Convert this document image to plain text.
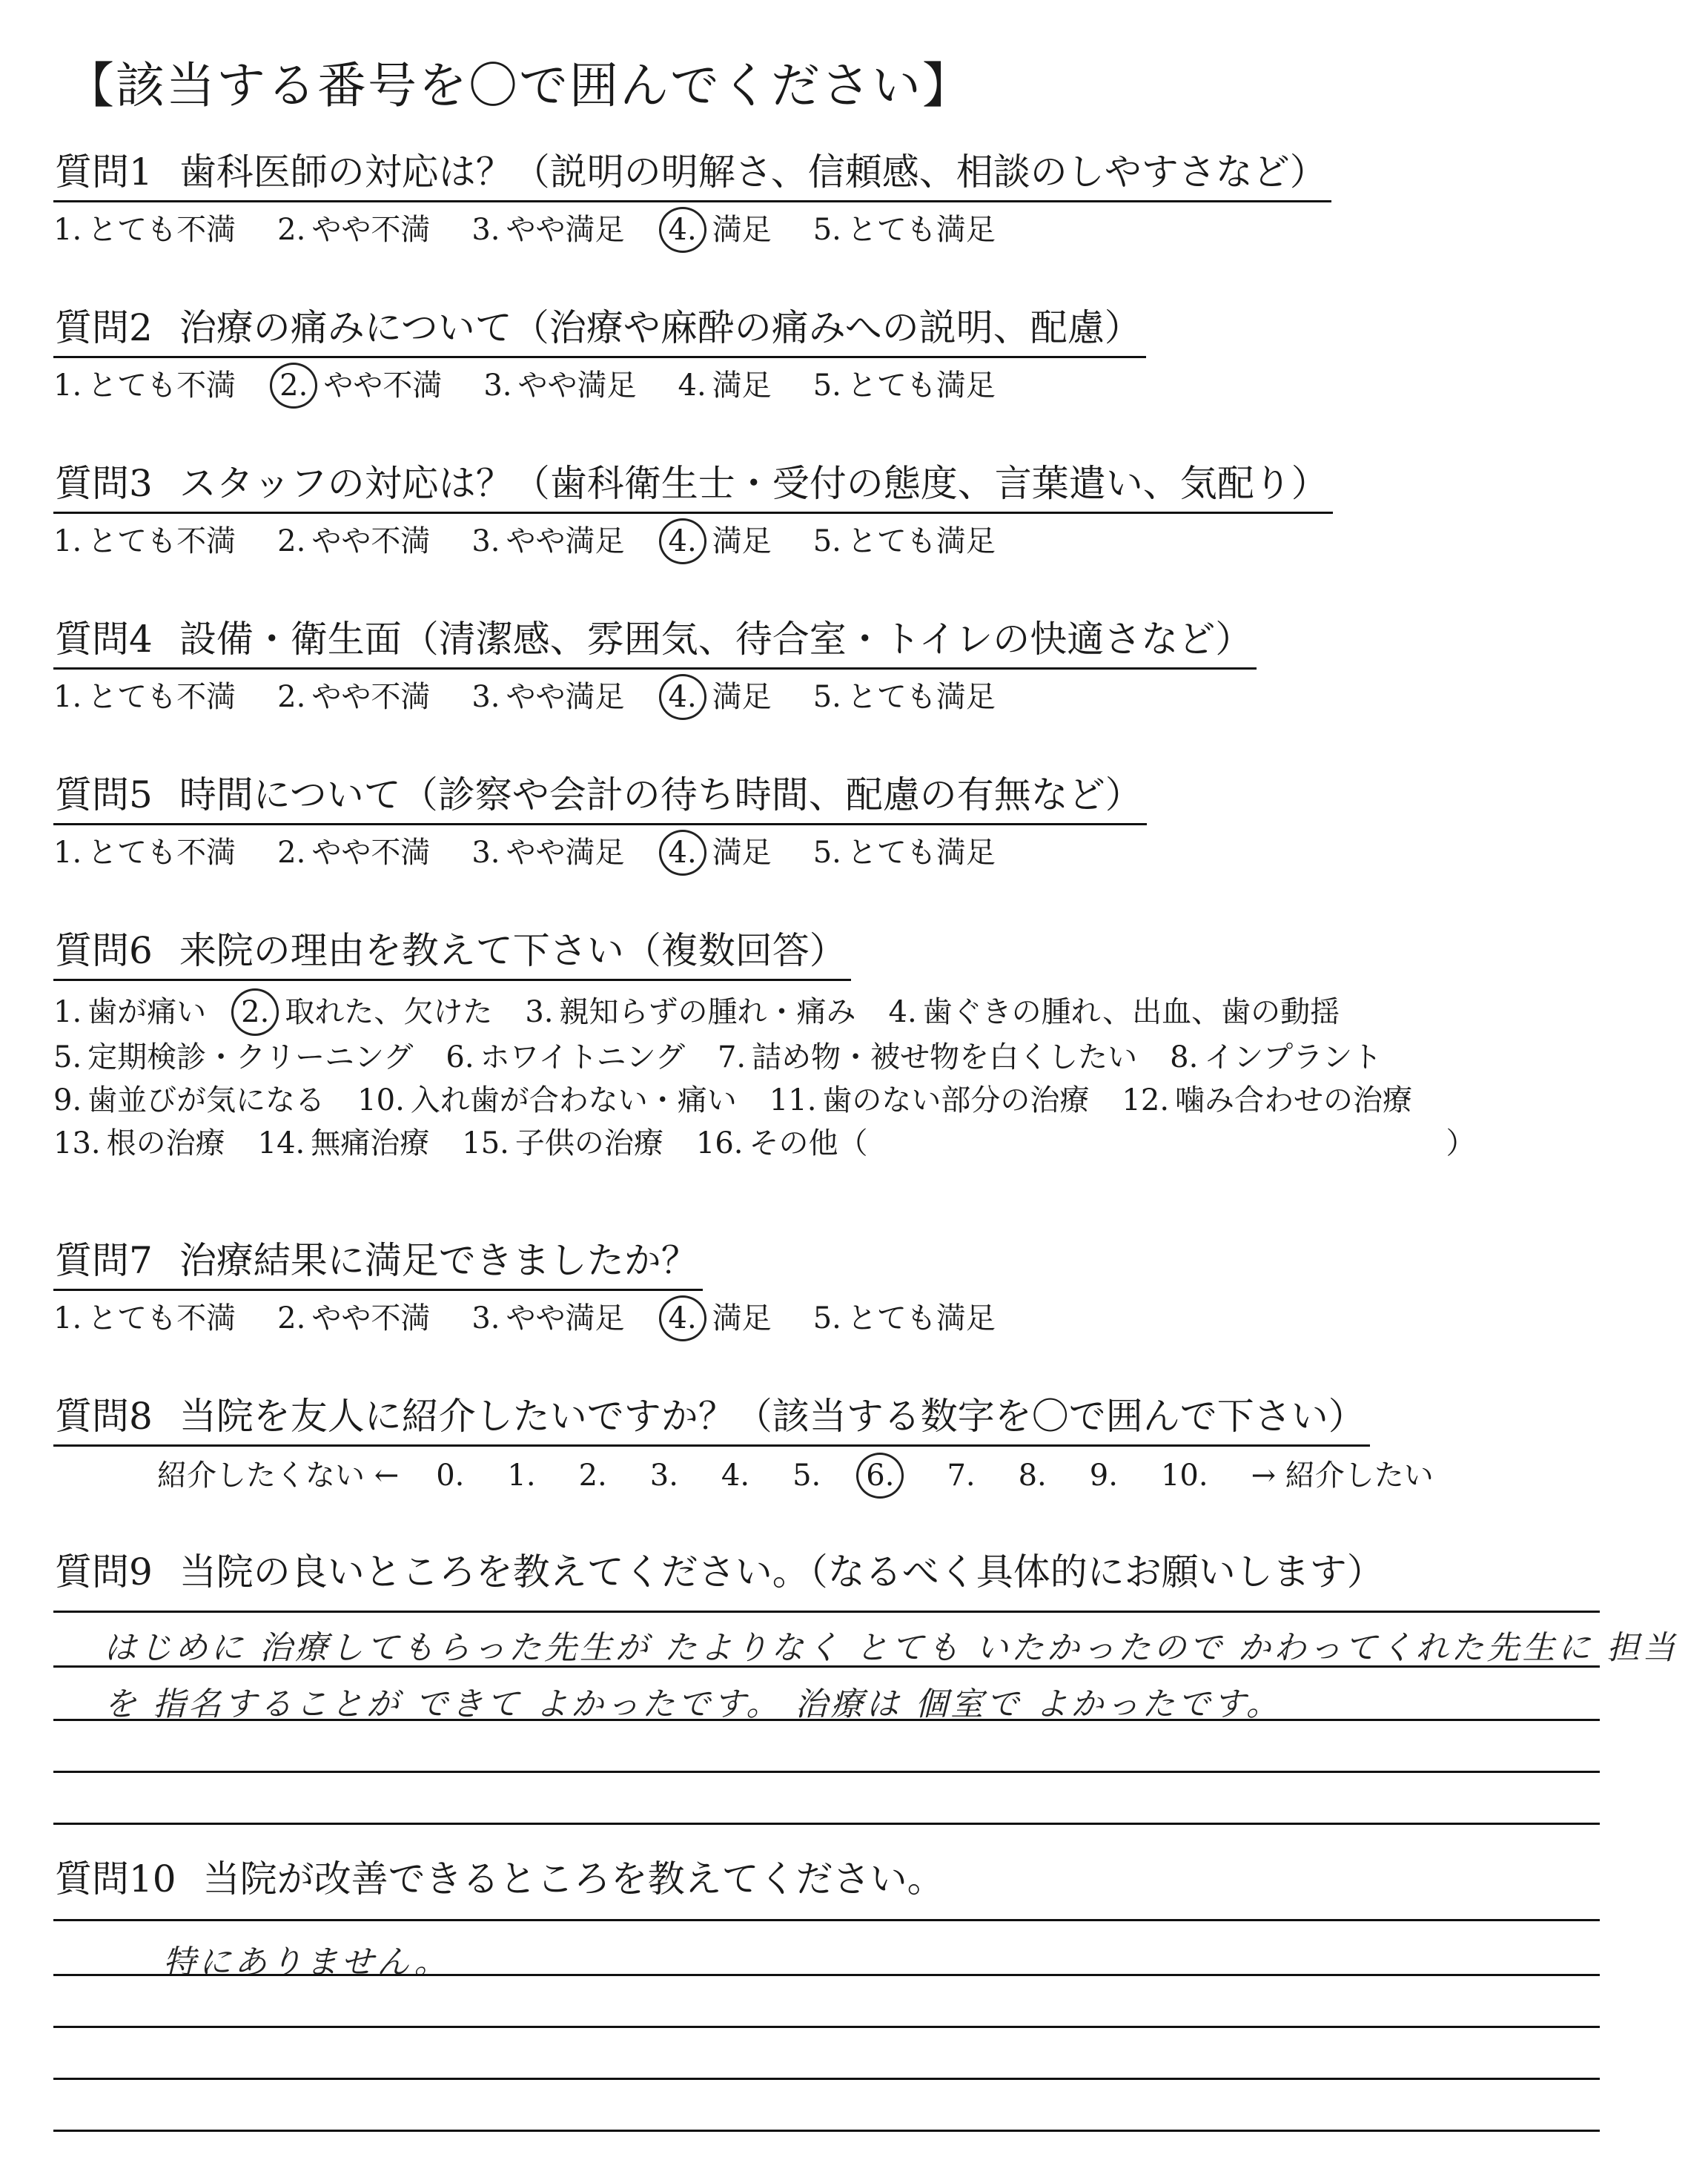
【該当する番号を〇で囲んでください】
質問1 歯科医師の対応は？（説明の明解さ、信頼感、相談のしやすさなど）
1. とても不満 2. やや不満 3. やや満足 4. 満足 5. とても満足
質問2 治療の痛みについて（治療や麻酔の痛みへの説明、配慮）
1. とても不満 2. やや不満 3. やや満足 4. 満足 5. とても満足
質問3 スタッフの対応は？（歯科衛生士・受付の態度、言葉遣い、気配り）
1. とても不満 2. やや不満 3. やや満足 4. 満足 5. とても満足
質問4 設備・衛生面（清潔感、雰囲気、待合室・トイレの快適さなど）
1. とても不満 2. やや不満 3. やや満足 4. 満足 5. とても満足
質問5 時間について（診察や会計の待ち時間、配慮の有無など）
1. とても不満 2. やや不満 3. やや満足 4. 満足 5. とても満足
質問6 来院の理由を教えて下さい（複数回答）
1. 歯が痛い 2. 取れた、欠けた 3. 親知らずの腫れ・痛み 4. 歯ぐきの腫れ、出血、歯の動揺
5. 定期検診・クリーニング 6. ホワイトニング 7. 詰め物・被せ物を白くしたい 8. インプラント
9. 歯並びが気になる 10. 入れ歯が合わない・痛い 11. 歯のない部分の治療 12. 噛み合わせの治療
13. 根の治療 14. 無痛治療 15. 子供の治療 16. その他（	）
質問7 治療結果に満足できましたか？
1. とても不満 2. やや不満 3. やや満足 4. 満足 5. とても満足
質問8 当院を友人に紹介したいですか？（該当する数字を〇で囲んで下さい）
紹介したくない ← 0. 1. 2. 3. 4. 5. 6. 7. 8. 9. 10. → 紹介したい
質問9 当院の良いところを教えてください。（なるべく具体的にお願いします）
はじめに 治療してもらった先生が たよりなく とても いたかったので かわってくれた先生に 担当
を 指名することが できて よかったです。 治療は 個室で よかったです。
質問10 当院が改善できるところを教えてください。
特にありません。
